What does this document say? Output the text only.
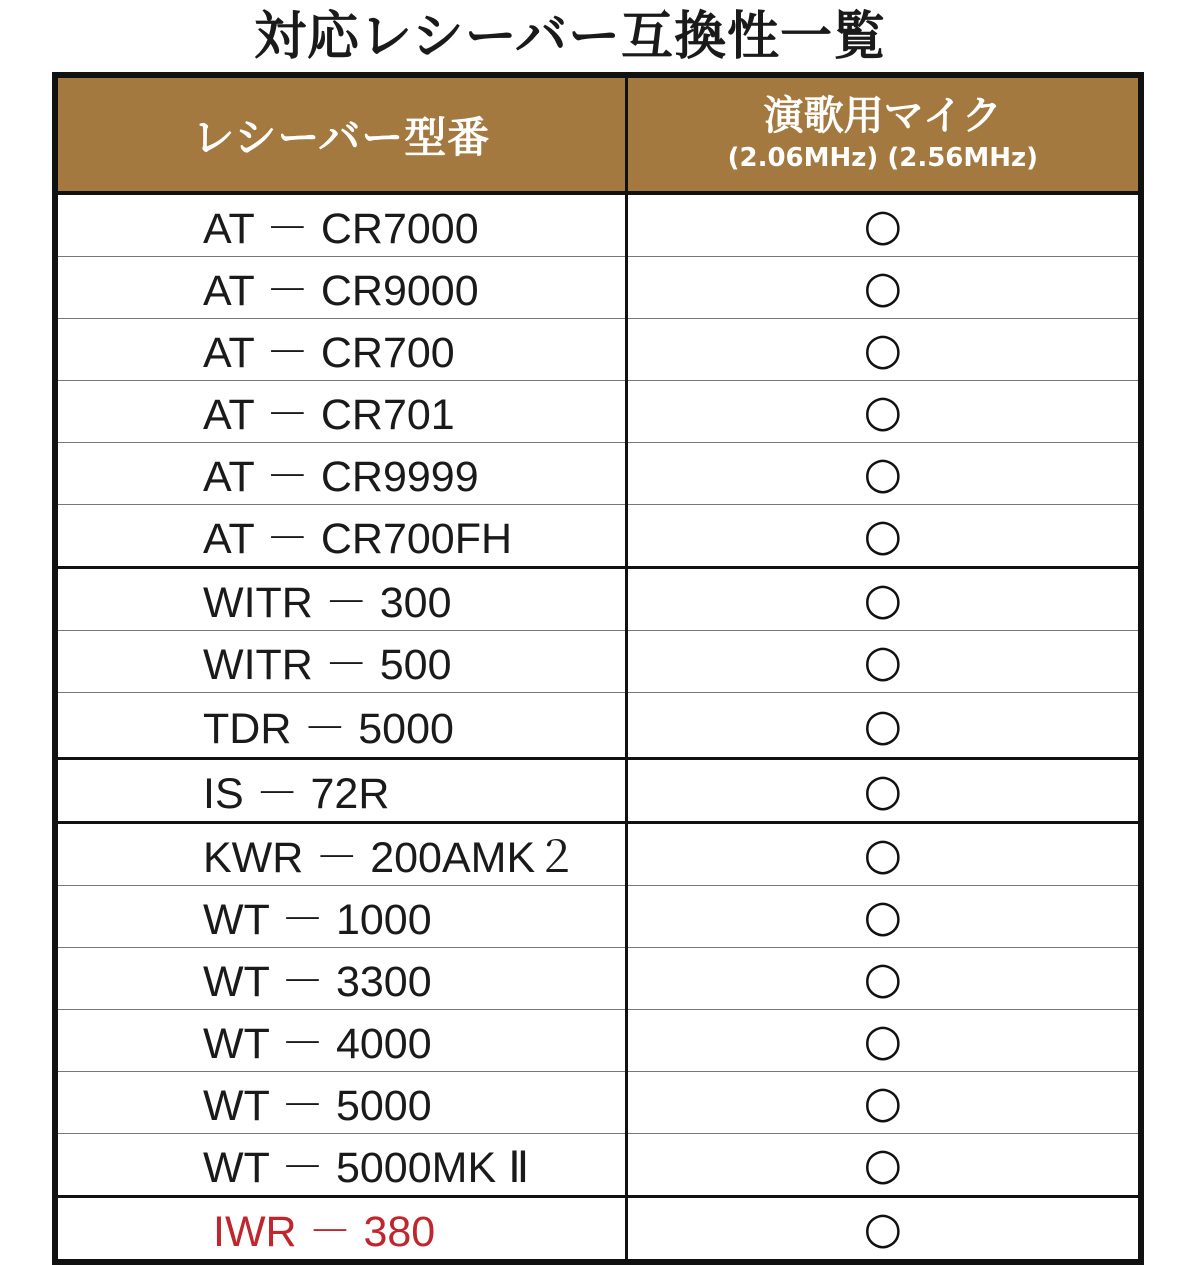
対応レシーバー互換性一覧
レシーバー型番	演歌用マイク
(2.06MHz) (2.56MHz)

AT － CR7000	○
AT － CR9000	○
AT － CR700	○
AT － CR701	○
AT － CR9999	○
AT － CR700FH	○
WITR － 300	○
WITR － 500	○
TDR － 5000	○
IS － 72R	○
KWR － 200AMK２	○
WT － 1000	○
WT － 3300	○
WT － 4000	○
WT － 5000	○
WT － 5000MK Ⅱ	○
IWR － 380	○
